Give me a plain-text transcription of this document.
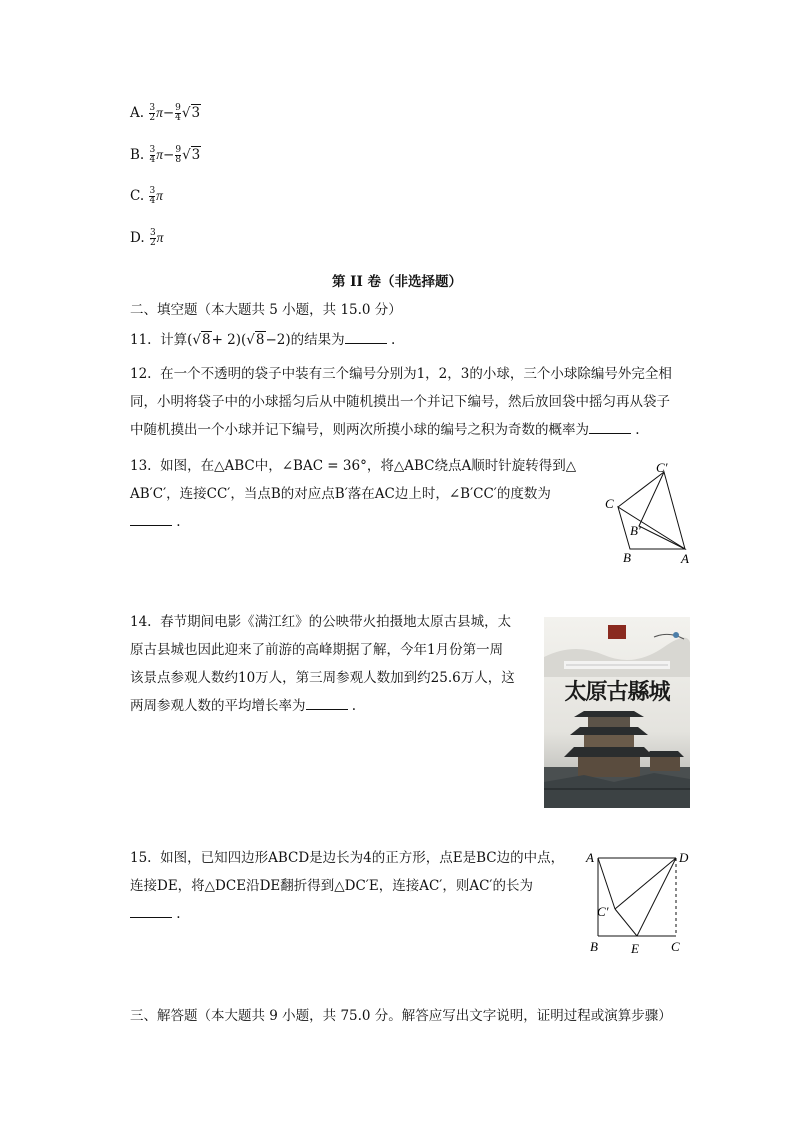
A. $\frac{3}{2} \pi- \frac{9}{4} √3$
B. $\frac{3}{4} \pi- \frac{9}{8} √3$
C. $\frac{3}{4}$ π
D. $\frac{3}{2}$ π
第 II 卷（非选择题）
二、填空题（本大题共 5 小题，共 15.0 分）
11. 计算(√8+ 2)(√8−2)的结果为	.
12. 在一个不透明的袋子中装有三个编号分别为1，2，3的小球，三个小球除编号外完全相
同，小明将袋子中的小球摇匀后从中随机摸出一个并记下编号，然后放回袋中摇匀再从袋子
中随机摸出一个小球并记下编号，则两次所摸小球的编号之积为奇数的概率为	.
13. 如图，在△ABC中，∠BAC = 36°，将△ABC绕点A顺时针旋转得到△
AB′C′，连接CC′，当点B的对应点B′落在AC边上时，∠B′CC′的度数为
.
C′
C
B′
B	A
14. 春节期间电影《满江红》的公映带火拍摄地太原古县城，太
原古县城也因此迎来了前游的高峰期据了解，今年1月份第一周
该景点参观人数约10万人，第三周参观人数加到约25.6万人，这
两周参观人数的平均增长率为	.
太原古縣城
15. 如图，已知四边形ABCD是边长为4的正方形，点E是BC边的中点，
连接DE，将△DCE沿DE翻折得到△DC′E，连接AC′，则AC′的长为
.
A	D
C′
B	E C
三、解答题（本大题共 9 小题，共 75.0 分。解答应写出文字说明，证明过程或演算步骤）
